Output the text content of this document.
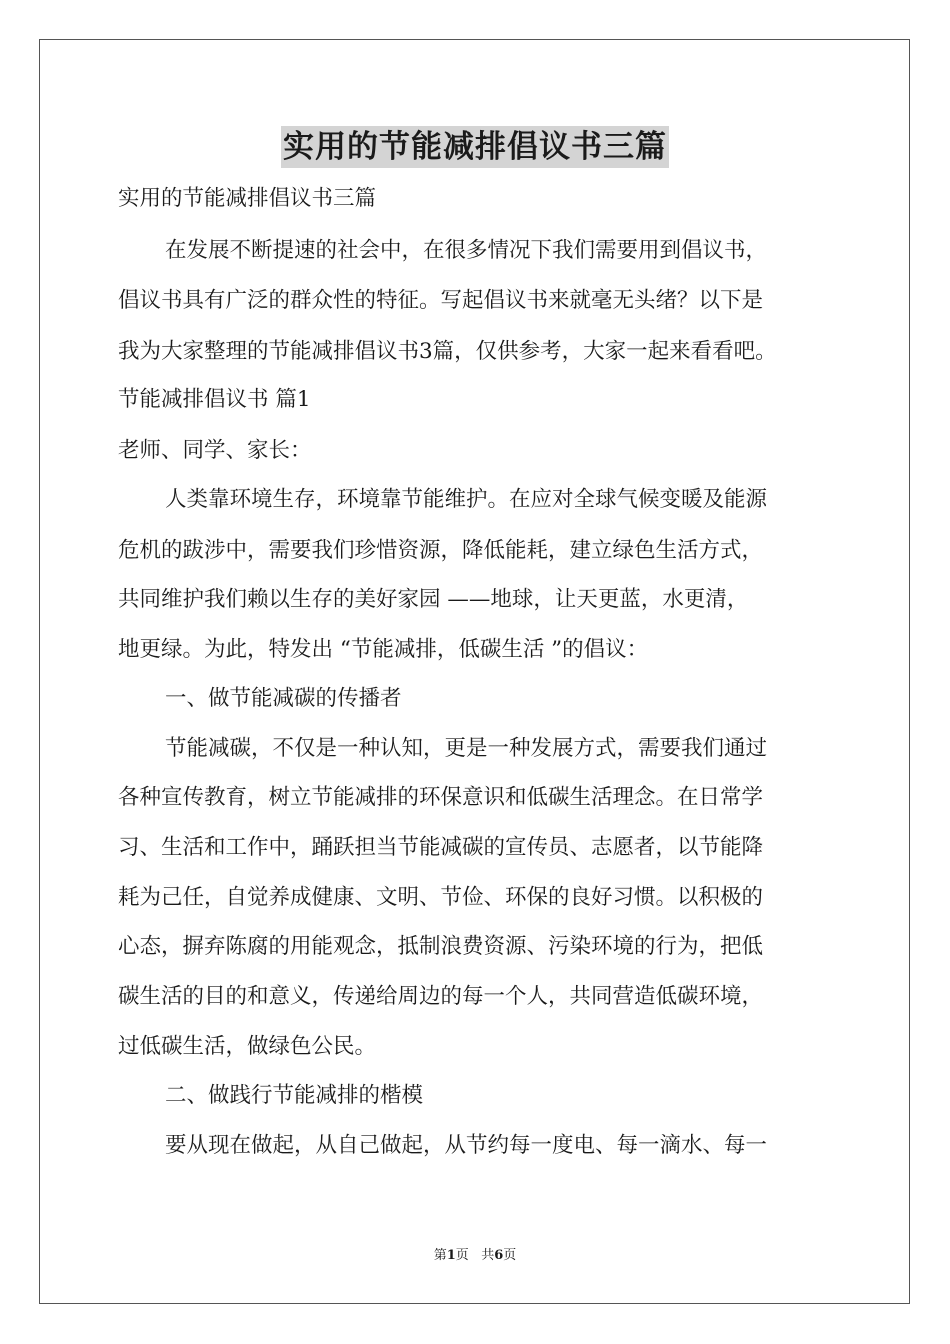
实用的节能减排倡议书三篇
实用的节能减排倡议书三篇
在发展不断提速的社会中，在很多情况下我们需要用到倡议书，
倡议书具有广泛的群众性的特征。写起倡议书来就毫无头绪？以下是
我为大家整理的节能减排倡议书3篇，仅供参考，大家一起来看看吧。
节能减排倡议书 篇1
老师、同学、家长：
人类靠环境生存，环境靠节能维护。在应对全球气候变暖及能源
危机的跋涉中，需要我们珍惜资源，降低能耗，建立绿色生活方式，
共同维护我们赖以生存的美好家园 ——地球，让天更蓝，水更清，
地更绿。为此，特发出 “节能减排，低碳生活 ”的倡议：
一、做节能减碳的传播者
节能减碳，不仅是一种认知，更是一种发展方式，需要我们通过
各种宣传教育，树立节能减排的环保意识和低碳生活理念。在日常学
习、生活和工作中，踊跃担当节能减碳的宣传员、志愿者，以节能降
耗为己任，自觉养成健康、文明、节俭、环保的良好习惯。以积极的
心态，摒弃陈腐的用能观念，抵制浪费资源、污染环境的行为，把低
碳生活的目的和意义，传递给周边的每一个人，共同营造低碳环境，
过低碳生活，做绿色公民。
二、做践行节能减排的楷模
要从现在做起，从自己做起，从节约每一度电、每一滴水、每一
第1页 共6页
